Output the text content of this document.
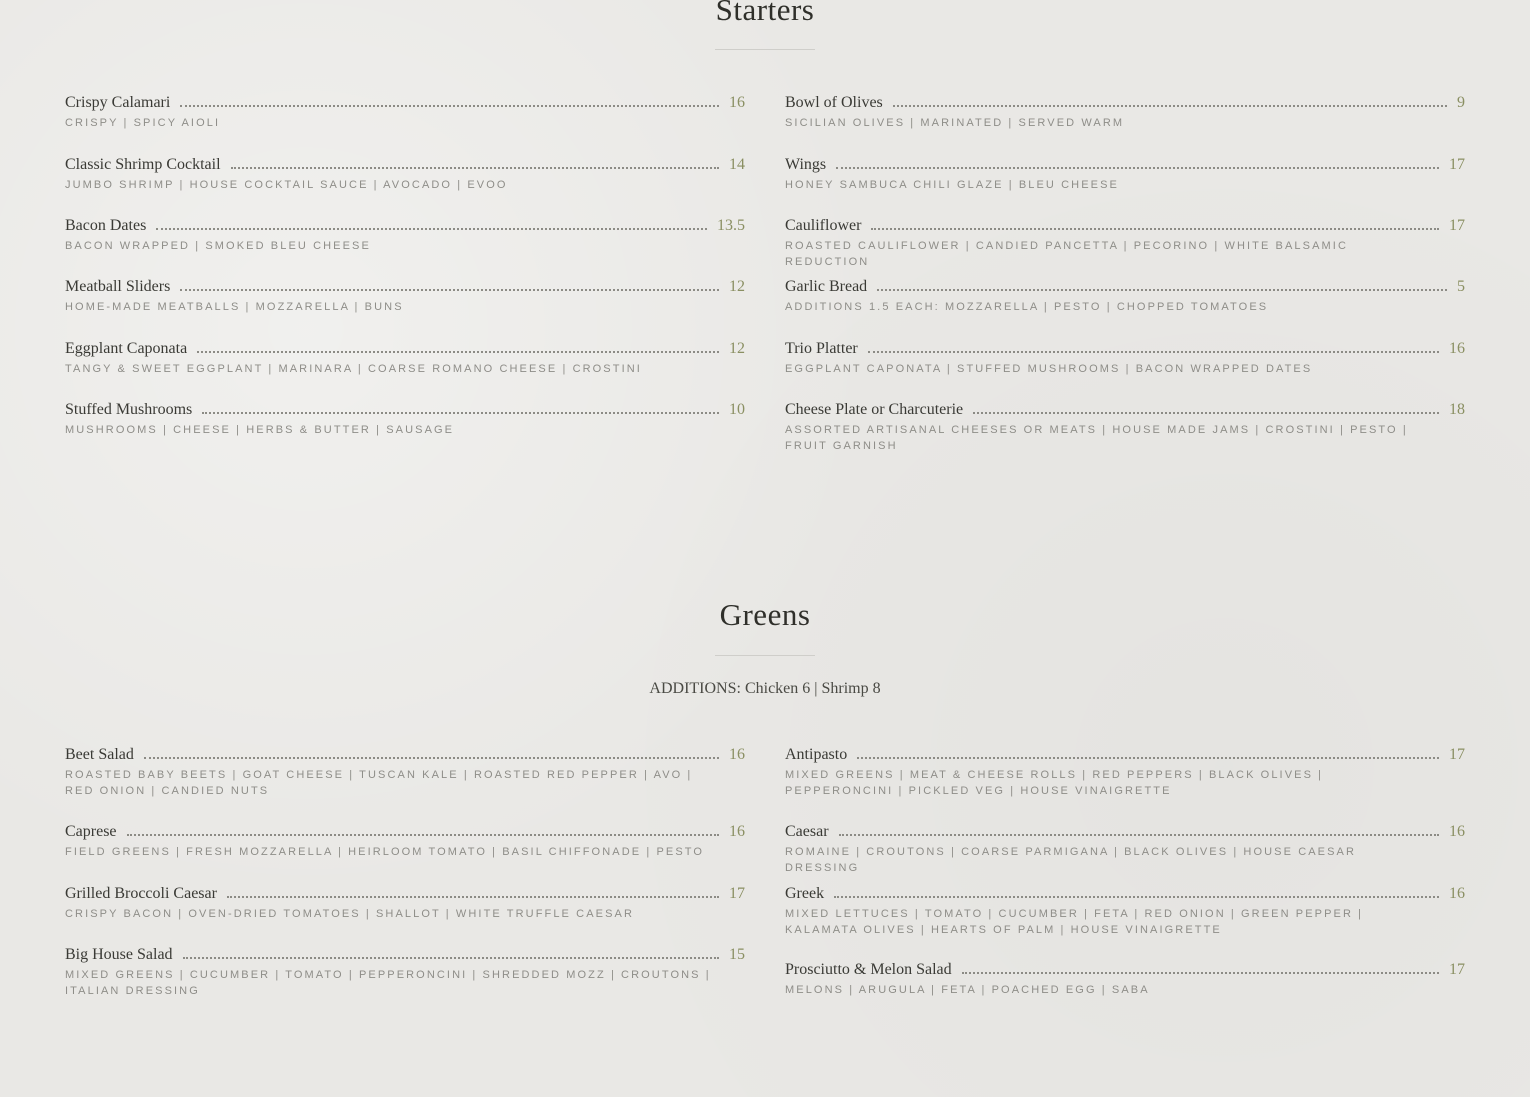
Starters
Crispy Calamari	16
CRISPY | SPICY AIOLI
Classic Shrimp Cocktail	14
JUMBO SHRIMP | HOUSE COCKTAIL SAUCE | AVOCADO | EVOO
Bacon Dates	13.5
BACON WRAPPED | SMOKED BLEU CHEESE
Meatball Sliders	12
HOME-MADE MEATBALLS | MOZZARELLA | BUNS
Eggplant Caponata	12
TANGY & SWEET EGGPLANT | MARINARA | COARSE ROMANO CHEESE | CROSTINI
Stuffed Mushrooms	10
MUSHROOMS | CHEESE | HERBS & BUTTER | SAUSAGE
Bowl of Olives	9
SICILIAN OLIVES | MARINATED | SERVED WARM
Wings	17
HONEY SAMBUCA CHILI GLAZE | BLEU CHEESE
Cauliflower	17
ROASTED CAULIFLOWER | CANDIED PANCETTA | PECORINO | WHITE BALSAMIC REDUCTION
Garlic Bread	5
ADDITIONS 1.5 EACH: MOZZARELLA | PESTO | CHOPPED TOMATOES
Trio Platter	16
EGGPLANT CAPONATA | STUFFED MUSHROOMS | BACON WRAPPED DATES
Cheese Plate or Charcuterie	18
ASSORTED ARTISANAL CHEESES OR MEATS | HOUSE MADE JAMS | CROSTINI | PESTO | FRUIT GARNISH
Greens
ADDITIONS: Chicken 6 | Shrimp 8
Beet Salad	16
ROASTED BABY BEETS | GOAT CHEESE | TUSCAN KALE | ROASTED RED PEPPER | AVO | RED ONION | CANDIED NUTS
Caprese	16
FIELD GREENS | FRESH MOZZARELLA | HEIRLOOM TOMATO | BASIL CHIFFONADE | PESTO
Grilled Broccoli Caesar	17
CRISPY BACON | OVEN-DRIED TOMATOES | SHALLOT | WHITE TRUFFLE CAESAR
Big House Salad	15
MIXED GREENS | CUCUMBER | TOMATO | PEPPERONCINI | SHREDDED MOZZ | CROUTONS | ITALIAN DRESSING
Antipasto	17
MIXED GREENS | MEAT & CHEESE ROLLS | RED PEPPERS | BLACK OLIVES | PEPPERONCINI | PICKLED VEG | HOUSE VINAIGRETTE
Caesar	16
ROMAINE | CROUTONS | COARSE PARMIGANA | BLACK OLIVES | HOUSE CAESAR DRESSING
Greek	16
MIXED LETTUCES | TOMATO | CUCUMBER | FETA | RED ONION | GREEN PEPPER | KALAMATA OLIVES | HEARTS OF PALM | HOUSE VINAIGRETTE
Prosciutto & Melon Salad	17
MELONS | ARUGULA | FETA | POACHED EGG | SABA
